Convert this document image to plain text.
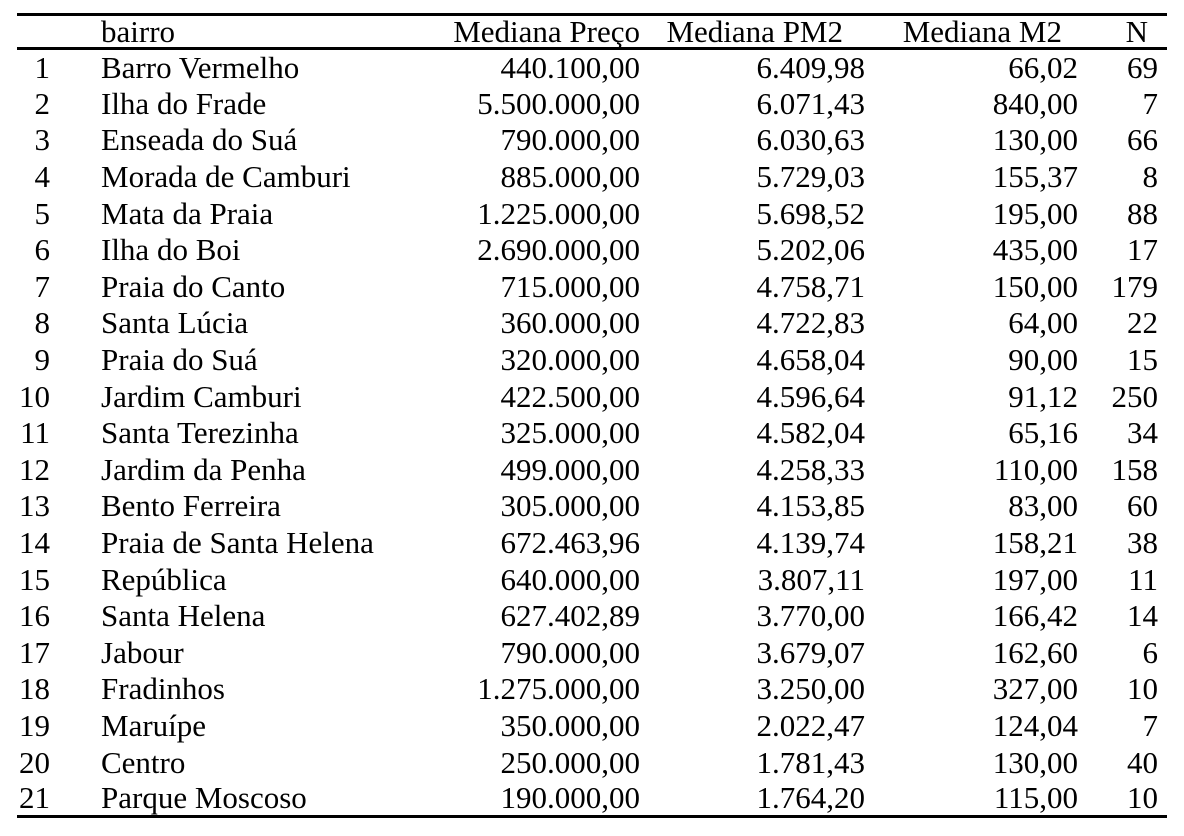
	bairro	Mediana Preço	Mediana PM2	Mediana M2	N
1	Barro Vermelho	440.100,00	6.409,98	66,02	69
2	Ilha do Frade	5.500.000,00	6.071,43	840,00	7
3	Enseada do Suá	790.000,00	6.030,63	130,00	66
4	Morada de Camburi	885.000,00	5.729,03	155,37	8
5	Mata da Praia	1.225.000,00	5.698,52	195,00	88
6	Ilha do Boi	2.690.000,00	5.202,06	435,00	17
7	Praia do Canto	715.000,00	4.758,71	150,00	179
8	Santa Lúcia	360.000,00	4.722,83	64,00	22
9	Praia do Suá	320.000,00	4.658,04	90,00	15
10	Jardim Camburi	422.500,00	4.596,64	91,12	250
11	Santa Terezinha	325.000,00	4.582,04	65,16	34
12	Jardim da Penha	499.000,00	4.258,33	110,00	158
13	Bento Ferreira	305.000,00	4.153,85	83,00	60
14	Praia de Santa Helena	672.463,96	4.139,74	158,21	38
15	República	640.000,00	3.807,11	197,00	11
16	Santa Helena	627.402,89	3.770,00	166,42	14
17	Jabour	790.000,00	3.679,07	162,60	6
18	Fradinhos	1.275.000,00	3.250,00	327,00	10
19	Maruípe	350.000,00	2.022,47	124,04	7
20	Centro	250.000,00	1.781,43	130,00	40
21	Parque Moscoso	190.000,00	1.764,20	115,00	10
